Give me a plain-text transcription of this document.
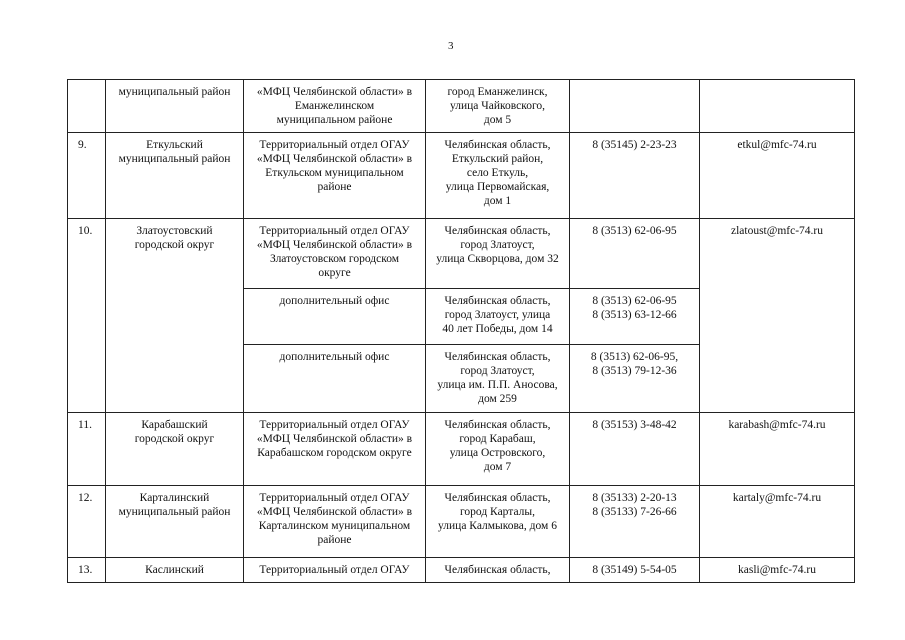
3

	муниципальный район	«МФЦ Челябинской области» в
Еманжелинском
муниципальном районе	город Еманжелинск,
улица Чайковского,
дом 5		

9.	Еткульский
муниципальный район	Территориальный отдел ОГАУ
«МФЦ Челябинской области» в
Еткульском муниципальном
районе	Челябинская область,
Еткульский район,
село Еткуль,
улица Первомайская,
дом 1	8 (35145) 2-23-23	etkul@mfc-74.ru

10.	Златоустовский
городской округ	Территориальный отдел ОГАУ
«МФЦ Челябинской области» в
Златоустовском городском
округе	Челябинская область,
город Златоуст,
улица Скворцова, дом 32	8 (3513) 62-06-95	zlatoust@mfc-74.ru

		дополнительный офис	Челябинская область,
город Златоуст, улица
40 лет Победы, дом 14	8 (3513) 62-06-95
8 (3513) 63-12-66	

		дополнительный офис	Челябинская область,
город Златоуст,
улица им. П.П. Аносова,
дом 259	8 (3513) 62-06-95,
8 (3513) 79-12-36	

11.	Карабашский
городской округ	Территориальный отдел ОГАУ
«МФЦ Челябинской области» в
Карабашском городском округе	Челябинская область,
город Карабаш,
улица Островского,
дом 7	8 (35153) 3-48-42	karabash@mfc-74.ru

12.	Карталинский
муниципальный район	Территориальный отдел ОГАУ
«МФЦ Челябинской области» в
Карталинском муниципальном
районе	Челябинская область,
город Карталы,
улица Калмыкова, дом 6	8 (35133) 2-20-13
8 (35133) 7-26-66	kartaly@mfc-74.ru

13.	Каслинский	Территориальный отдел ОГАУ	Челябинская область,	8 (35149) 5-54-05	kasli@mfc-74.ru
